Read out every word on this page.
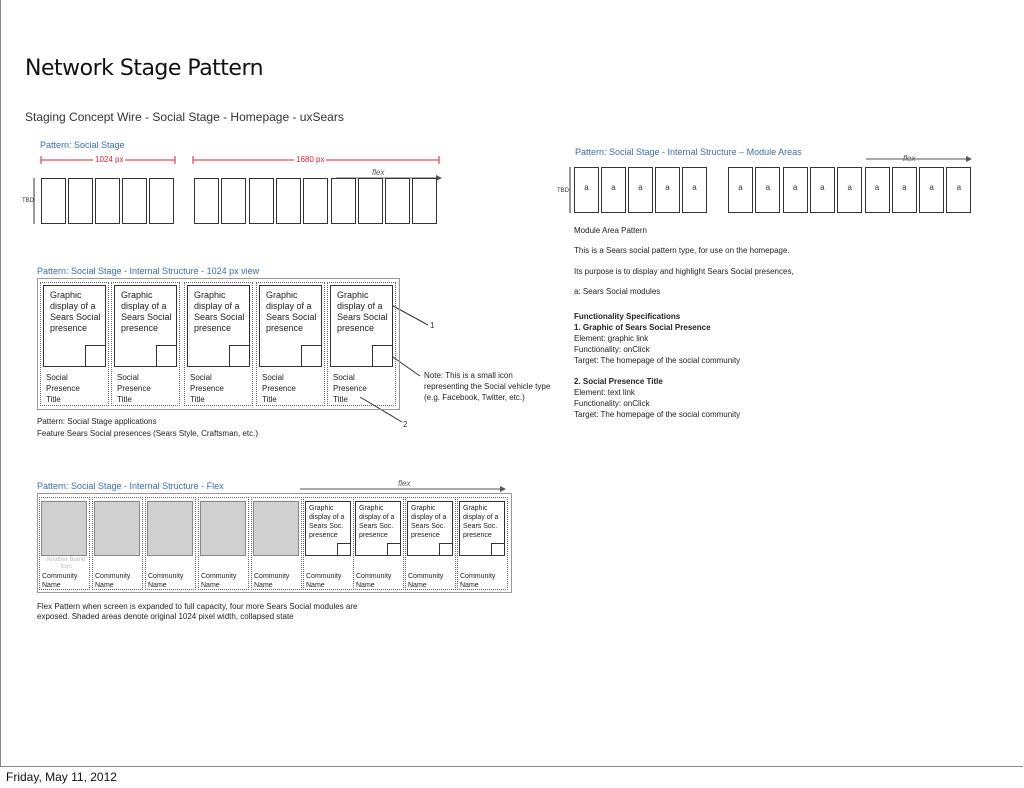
Network Stage Pattern
Staging Concept Wire - Social Stage - Homepage - uxSears
Pattern: Social Stage
1024 px	1680 px
TBD
flex
Pattern: Social Stage - Internal Structure - 1024 px view
Graphic display of a Sears Social presence
Social Presence Title
Graphic display of a Sears Social presence
Social Presence Title
Graphic display of a Sears Social presence
Social Presence Title
Graphic display of a Sears Social presence
Social Presence Title
Graphic display of a Sears Social presence
Social Presence Title
1
2
Note: This is a small icon representing the Social vehicle type (e.g. Facebook, Twitter, etc.)
Pattern: Social Stage applications
Feature Sears Social presences (Sears Style, Craftsman, etc.)
Pattern: Social Stage - Internal Structure - Flex	flex
Community Name
Community Name
Community Name
Community Name
Community Name
Graphic display of a Sears Soc. presence
Community Name
Graphic display of a Sears Soc. presence
Community Name
Graphic display of a Sears Soc. presence
Community Name
Graphic display of a Sears Soc. presence
Community Name
Another Brand Icon
Flex Pattern when screen is expanded to full capacity, four more Sears Social modules are
exposed. Shaded areas denote original 1024 pixel width, collapsed state
Pattern: Social Stage - Internal Structure – Module Areas
flex
TBD	a	a	a	a	a	a	a	a	a	a	a	a	a	a
Module Area Pattern
This is a Sears social pattern type, for use on the homepage.
Its purpose is to display and highlight Sears Social presences,
a: Sears Social modules
Functionality Specifications
1. Graphic of Sears Social Presence
Element: graphic link
Functionality: onClick
Target: The homepage of the social community
2. Social Presence Title
Element: text link
Functionality: onClick
Target: The homepage of the social community
Friday, May 11, 2012
